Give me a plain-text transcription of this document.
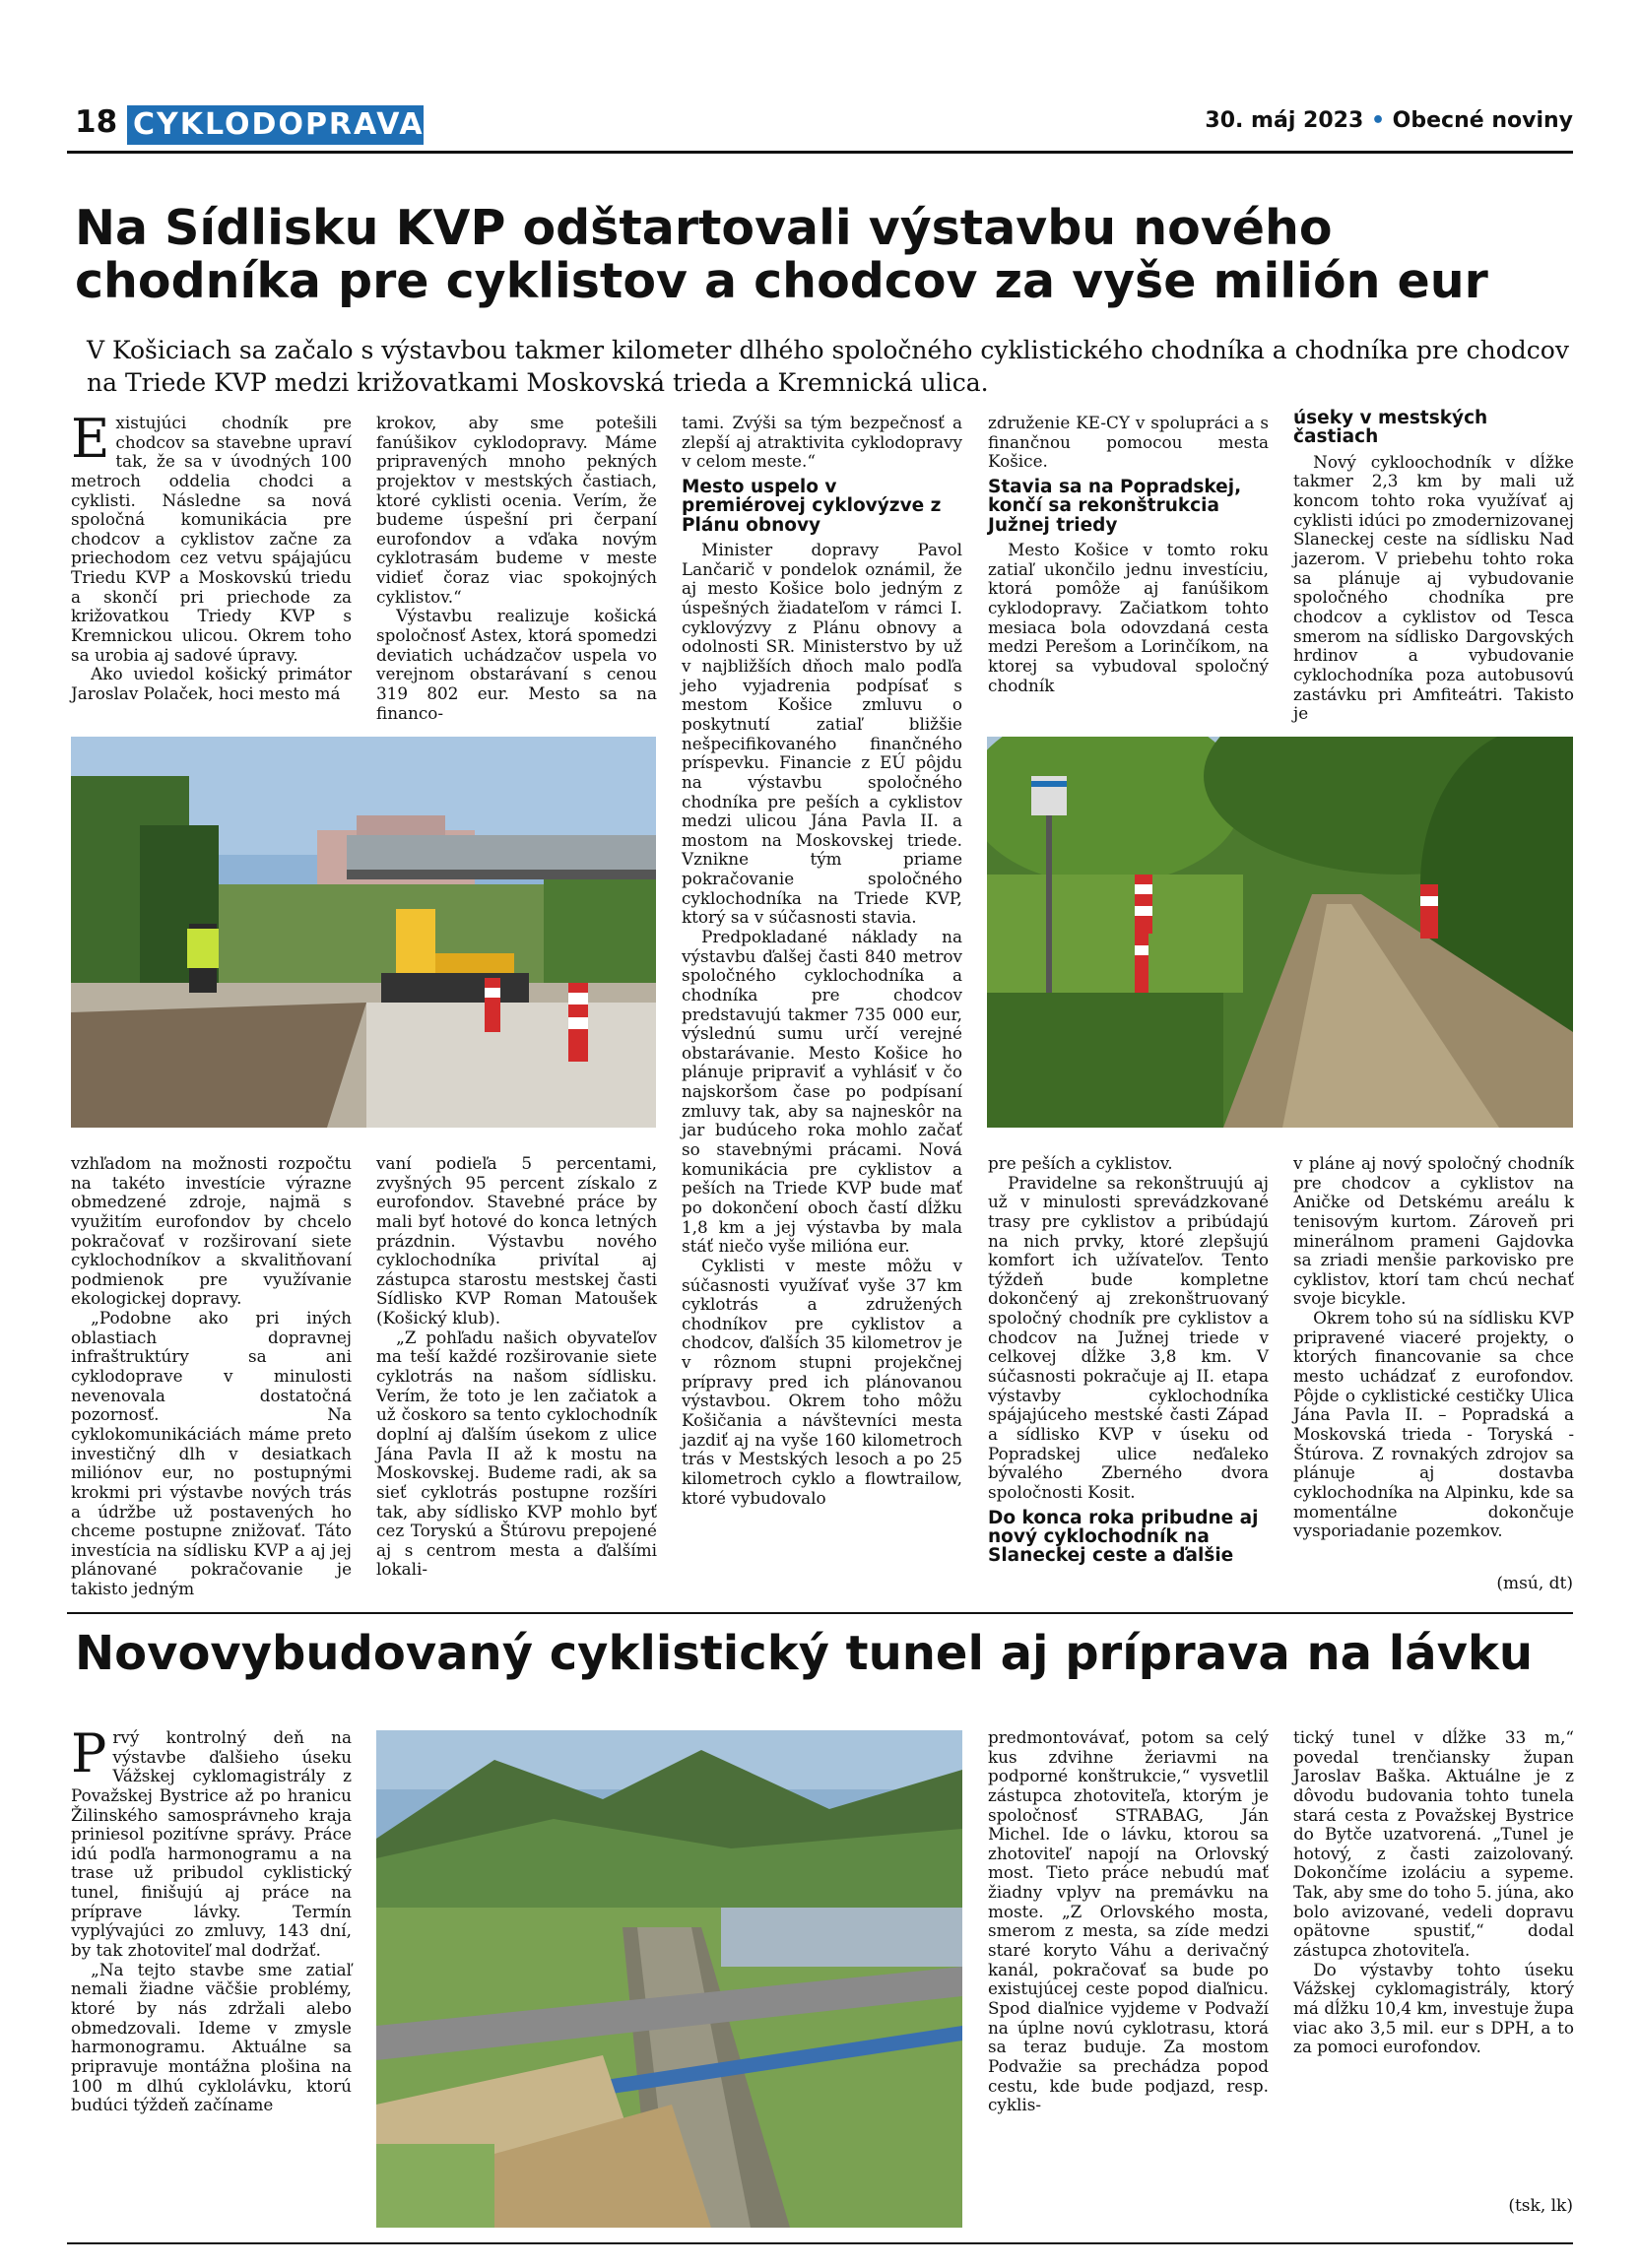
18 CYKLODOPRAVA	30. máj 2023 • Obecné noviny
Na Sídlisku KVP odštartovali výstavbu nového chodníka pre cyklistov a chodcov za vyše milión eur
V Košiciach sa začalo s výstavbou takmer kilometer dlhého spoločného cyklistického chodníka a chodníka pre chodcov na Triede KVP medzi križovatkami Moskovská trieda a Kremnická ulica.

Existujúci chodník pre chodcov sa stavebne upraví tak, že sa v úvodných 100 metroch oddelia chodci a cyklisti. Následne sa nová spoločná komunikácia pre chodcov a cyklistov začne za priechodom cez vetvu spájajúcu Triedu KVP a Moskovskú triedu a skončí pri priechode za križovatkou Triedy KVP s Kremnickou ulicou. Okrem toho sa urobia aj sadové úpravy.

Ako uviedol košický primátor Jaroslav Polaček, hoci mesto má

krokov, aby sme potešili fanúšikov cyklodopravy. Máme pripravených mnoho pekných projektov v mestských častiach, ktoré cyklisti ocenia. Verím, že budeme úspešní pri čerpaní eurofondov a vďaka novým cyklotrasám budeme v meste vidieť čoraz viac spokojných cyklistov.“

Výstavbu realizuje košická spoločnosť Astex, ktorá spomedzi deviatich uchádzačov uspela vo verejnom obstarávaní s cenou 319 802 eur. Mesto sa na financo-

tami. Zvýši sa tým bezpečnosť a zlepší aj atraktivita cyklodopravy v celom meste.“

Mesto uspelo v premiérovej cyklovýzve z Plánu obnovy

Minister dopravy Pavol Lančarič v pondelok oznámil, že aj mesto Košice bolo jedným z úspešných žiadateľom v rámci I. cyklovýzvy z Plánu obnovy a odolnosti SR. Ministerstvo by už v najbližších dňoch malo podľa jeho vyjadrenia podpísať s mestom Košice zmluvu o poskytnutí zatiaľ bližšie nešpecifikovaného finančného príspevku. Financie z EÚ pôjdu na výstavbu spoločného chodníka pre peších a cyklistov medzi ulicou Jána Pavla II. a mostom na Moskovskej triede. Vznikne tým priame pokračovanie spoločného cyklochodníka na Triede KVP, ktorý sa v súčasnosti stavia.

Predpokladané náklady na výstavbu ďalšej časti 840 metrov spoločného cyklochodníka a chodníka pre chodcov predstavujú takmer 735 000 eur, výslednú sumu určí verejné obstarávanie. Mesto Košice ho plánuje pripraviť a vyhlásiť v čo najskoršom čase po podpísaní zmluvy tak, aby sa najneskôr na jar budúceho roka mohlo začať so stavebnými prácami. Nová komunikácia pre cyklistov a peších na Triede KVP bude mať po dokončení oboch častí dĺžku 1,8 km a jej výstavba by mala stáť niečo vyše milióna eur.

Cyklisti v meste môžu v súčasnosti využívať vyše 37 km cyklotrás a združených chodníkov pre cyklistov a chodcov, ďalších 35 kilometrov je v rôznom stupni projekčnej prípravy pred ich plánovanou výstavbou. Okrem toho môžu Košičania a návštevníci mesta jazdiť aj na vyše 160 kilometroch trás v Mestských lesoch a po 25 kilometroch cyklo a flowtrailow, ktoré vybudovalo

združenie KE-CY v spolupráci a s finančnou pomocou mesta Košice.

Stavia sa na Popradskej, končí sa rekonštrukcia Južnej triedy

Mesto Košice v tomto roku zatiaľ ukončilo jednu investíciu, ktorá pomôže aj fanúšikom cyklodopravy. Začiatkom tohto mesiaca bola odovzdaná cesta medzi Perešom a Lorinčíkom, na ktorej sa vybudoval spoločný chodník

úseky v mestských častiach

Nový cykloochodník v dĺžke takmer 2,3 km by mali už koncom tohto roka využívať aj cyklisti idúci po zmodernizovanej Slaneckej ceste na sídlisku Nad jazerom. V priebehu tohto roka sa plánuje aj vybudovanie spoločného chodníka pre chodcov a cyklistov od Tesca smerom na sídlisko Dargovských hrdinov a vybudovanie cyklochodníka poza autobusovú zastávku pri Amfiteátri. Takisto je

vzhľadom na možnosti rozpočtu na takéto investície výrazne obmedzené zdroje, najmä s využitím eurofondov by chcelo pokračovať v rozširovaní siete cyklochodníkov a skvalitňovaní podmienok pre využívanie ekologickej dopravy.

„Podobne ako pri iných oblastiach dopravnej infraštruktúry sa ani cyklodoprave v minulosti nevenovala dostatočná pozornosť. Na cyklokomunikáciách máme preto investičný dlh v desiatkach miliónov eur, no postupnými krokmi pri výstavbe nových trás a údržbe už postavených ho chceme postupne znižovať. Táto investícia na sídlisku KVP a aj jej plánované pokračovanie je takisto jedným

vaní podieľa 5 percentami, zvyšných 95 percent získalo z eurofondov. Stavebné práce by mali byť hotové do konca letných prázdnin. Výstavbu nového cyklochodníka privítal aj zástupca starostu mestskej časti Sídlisko KVP Roman Matoušek (Košický klub).

„Z pohľadu našich obyvateľov ma teší každé rozširovanie siete cyklotrás na našom sídlisku. Verím, že toto je len začiatok a už čoskoro sa tento cyklochodník doplní aj ďalším úsekom z ulice Jána Pavla II až k mostu na Moskovskej. Budeme radi, ak sa sieť cyklotrás postupne rozšíri tak, aby sídlisko KVP mohlo byť cez Toryskú a Štúrovu prepojené aj s centrom mesta a ďalšími lokali-

pre peších a cyklistov.

Pravidelne sa rekonštruujú aj už v minulosti sprevádzkované trasy pre cyklistov a pribúdajú na nich prvky, ktoré zlepšujú komfort ich užívateľov. Tento týždeň bude kompletne dokončený aj zrekonštruovaný spoločný chodník pre cyklistov a chodcov na Južnej triede v celkovej dĺžke 3,8 km. V súčasnosti pokračuje aj II. etapa výstavby cyklochodníka spájajúceho mestské časti Západ a sídlisko KVP v úseku od Popradskej ulice neďaleko bývalého Zberného dvora spoločnosti Kosit.

Do konca roka pribudne aj nový cyklochodník na Slaneckej ceste a ďalšie

v pláne aj nový spoločný chodník pre chodcov a cyklistov na Aničke od Detskému areálu k tenisovým kurtom. Zároveň pri minerálnom prameni Gajdovka sa zriadi menšie parkovisko pre cyklistov, ktorí tam chcú nechať svoje bicykle.

Okrem toho sú na sídlisku KVP pripravené viaceré projekty, o ktorých financovanie sa chce mesto uchádzať z eurofondov. Pôjde o cyklistické cestičky Ulica Jána Pavla II. – Popradská a Moskovská trieda - Toryská - Štúrova. Z rovnakých zdrojov sa plánuje aj dostavba cyklochodníka na Alpinku, kde sa momentálne dokončuje vysporiadanie pozemkov.

(msú, dt)
Novovybudovaný cyklistický tunel aj príprava na lávku

Prvý kontrolný deň na výstavbe ďalšieho úseku Vážskej cyklomagistrály z Považskej Bystrice až po hranicu Žilinského samosprávneho kraja priniesol pozitívne správy. Práce idú podľa harmonogramu a na trase už pribudol cyklistický tunel, finišujú aj práce na príprave lávky. Termín vyplývajúci zo zmluvy, 143 dní, by tak zhotoviteľ mal dodržať.

„Na tejto stavbe sme zatiaľ nemali žiadne väčšie problémy, ktoré by nás zdržali alebo obmedzovali. Ideme v zmysle harmonogramu. Aktuálne sa pripravuje montážna plošina na 100 m dlhú cyklolávku, ktorú budúci týždeň začíname

predmontovávať, potom sa celý kus zdvihne žeriavmi na podporné konštrukcie,“ vysvetlil zástupca zhotoviteľa, ktorým je spoločnosť STRABAG, Ján Michel. Ide o lávku, ktorou sa zhotoviteľ napojí na Orlovský most. Tieto práce nebudú mať žiadny vplyv na premávku na moste. „Z Orlovského mosta, smerom z mesta, sa zíde medzi staré koryto Váhu a derivačný kanál, pokračovať sa bude po existujúcej ceste popod diaľnicu. Spod diaľnice vyjdeme v Podvaží na úplne novú cyklotrasu, ktorá sa teraz buduje. Za mostom Podvažie sa prechádza popod cestu, kde bude podjazd, resp. cyklis-

tický tunel v dĺžke 33 m,“ povedal trenčiansky župan Jaroslav Baška. Aktuálne je z dôvodu budovania tohto tunela stará cesta z Považskej Bystrice do Bytče uzatvorená. „Tunel je hotový, z časti zaizolovaný. Dokončíme izoláciu a sypeme. Tak, aby sme do toho 5. júna, ako bolo avizované, vedeli dopravu opätovne spustiť,“ dodal zástupca zhotoviteľa.

Do výstavby tohto úseku Vážskej cyklomagistrály, ktorý má dĺžku 10,4 km, investuje župa viac ako 3,5 mil. eur s DPH, a to za pomoci eurofondov.

(tsk, lk)
